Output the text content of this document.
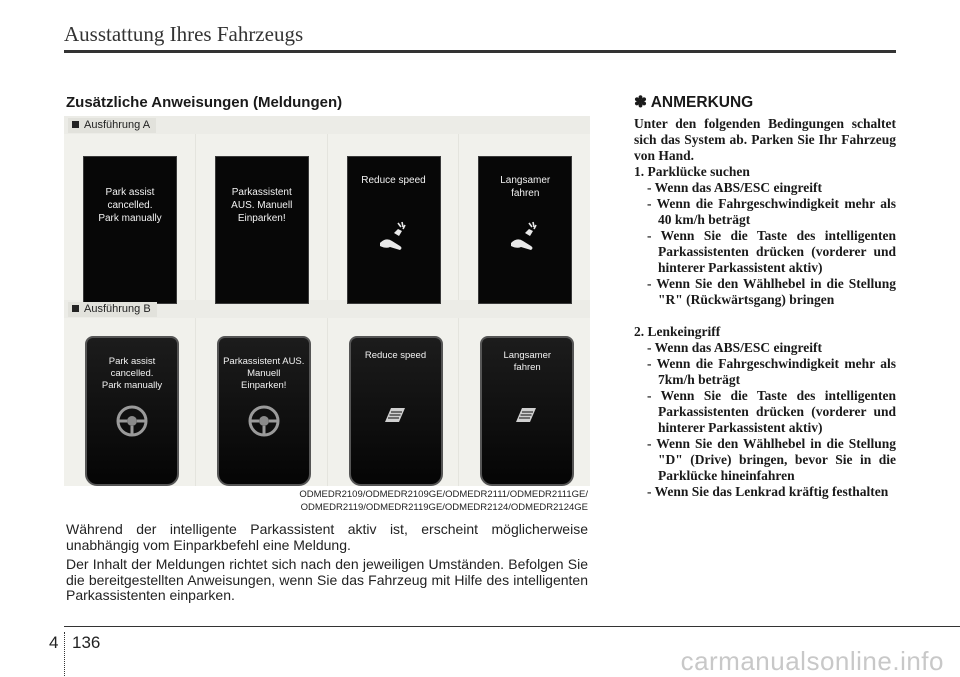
Ausstattung Ihres Fahrzeugs
Zusätzliche Anweisungen (Meldungen)
Ausführung A
Park assist
cancelled.
Park manually
Parkassistent
AUS. Manuell
Einparken!
Reduce speed	Langsamer
fahren
Ausführung B
Park assist
cancelled.
Park manually
Parkassistent AUS.
Manuell
Einparken!
Reduce speed	Langsamer
fahren
ODMEDR2109/ODMEDR2109GE/ODMEDR2111/ODMEDR2111GE/
ODMEDR2119/ODMEDR2119GE/ODMEDR2124/ODMEDR2124GE
Während der intelligente Parkassistent aktiv ist, erscheint möglicherweise unabhängig vom Einparkbefehl eine Meldung.
Der Inhalt der Meldungen richtet sich nach den jeweiligen Umständen. Befolgen Sie die bereitgestellten Anweisungen, wenn Sie das Fahrzeug mit Hilfe des intelligenten Parkassistenten einparken.
✽ ANMERKUNG
Unter den folgenden Bedingungen schaltet sich das System ab. Parken Sie Ihr Fahrzeug von Hand.
1. Parklücke suchen
- Wenn das ABS/ESC eingreift
- Wenn die Fahrgeschwindigkeit mehr als 40 km/h beträgt
- Wenn Sie die Taste des intelligenten Parkassistenten drücken (vorderer und hinterer Parkassistent aktiv)
- Wenn Sie den Wählhebel in die Stellung "R" (Rückwärtsgang) bringen
2. Lenkeingriff
- Wenn das ABS/ESC eingreift
- Wenn die Fahrgeschwindigkeit mehr als 7km/h beträgt
- Wenn Sie die Taste des intelligenten Parkassistenten drücken (vorderer und hinterer Parkassistent aktiv)
- Wenn Sie den Wählhebel in die Stellung "D" (Drive) bringen, bevor Sie in die Parklücke hineinfahren
- Wenn Sie das Lenkrad kräftig festhalten
4 136
carmanualsonline.info
